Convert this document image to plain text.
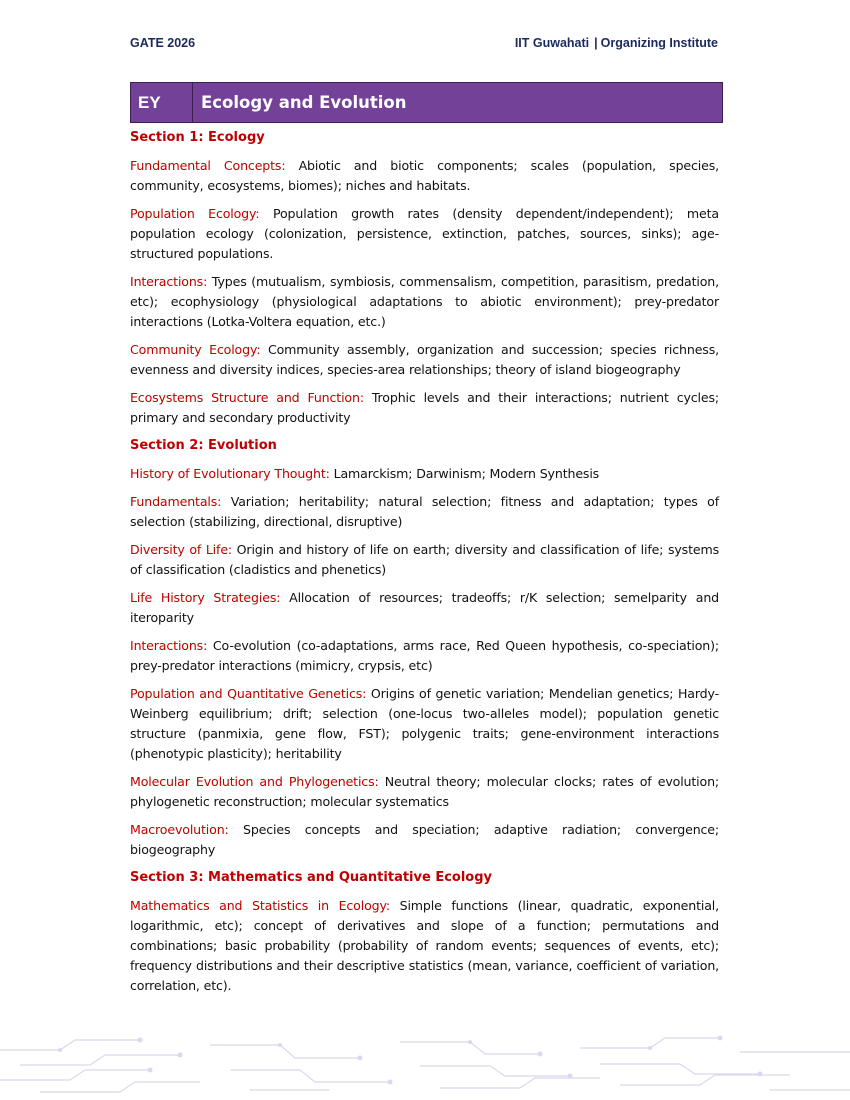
GATE 2026	IIT Guwahati | Organizing Institute
EY	Ecology and Evolution
Section 1: Ecology
Fundamental Concepts: Abiotic and biotic components; scales (population, species, community, ecosystems, biomes); niches and habitats.
Population Ecology: Population growth rates (density dependent/independent); meta population ecology (colonization, persistence, extinction, patches, sources, sinks); age-structured populations.
Interactions: Types (mutualism, symbiosis, commensalism, competition, parasitism, predation, etc); ecophysiology (physiological adaptations to abiotic environment); prey-predator interactions (Lotka-Voltera equation, etc.)
Community Ecology: Community assembly, organization and succession; species richness, evenness and diversity indices, species-area relationships; theory of island biogeography
Ecosystems Structure and Function: Trophic levels and their interactions; nutrient cycles; primary and secondary productivity
Section 2: Evolution
History of Evolutionary Thought: Lamarckism; Darwinism; Modern Synthesis
Fundamentals: Variation; heritability; natural selection; fitness and adaptation; types of selection (stabilizing, directional, disruptive)
Diversity of Life: Origin and history of life on earth; diversity and classification of life; systems of classification (cladistics and phenetics)
Life History Strategies: Allocation of resources; tradeoffs; r/K selection; semelparity and iteroparity
Interactions: Co-evolution (co-adaptations, arms race, Red Queen hypothesis, co-speciation); prey-predator interactions (mimicry, crypsis, etc)
Population and Quantitative Genetics: Origins of genetic variation; Mendelian genetics; Hardy- Weinberg equilibrium; drift; selection (one-locus two-alleles model); population genetic structure (panmixia, gene flow, FST); polygenic traits; gene-environment interactions (phenotypic plasticity); heritability
Molecular Evolution and Phylogenetics: Neutral theory; molecular clocks; rates of evolution; phylogenetic reconstruction; molecular systematics
Macroevolution: Species concepts and speciation; adaptive radiation; convergence; biogeography
Section 3: Mathematics and Quantitative Ecology
Mathematics and Statistics in Ecology: Simple functions (linear, quadratic, exponential, logarithmic, etc); concept of derivatives and slope of a function; permutations and combinations; basic probability (probability of random events; sequences of events, etc); frequency distributions and their descriptive statistics (mean, variance, coefficient of variation, correlation, etc).
